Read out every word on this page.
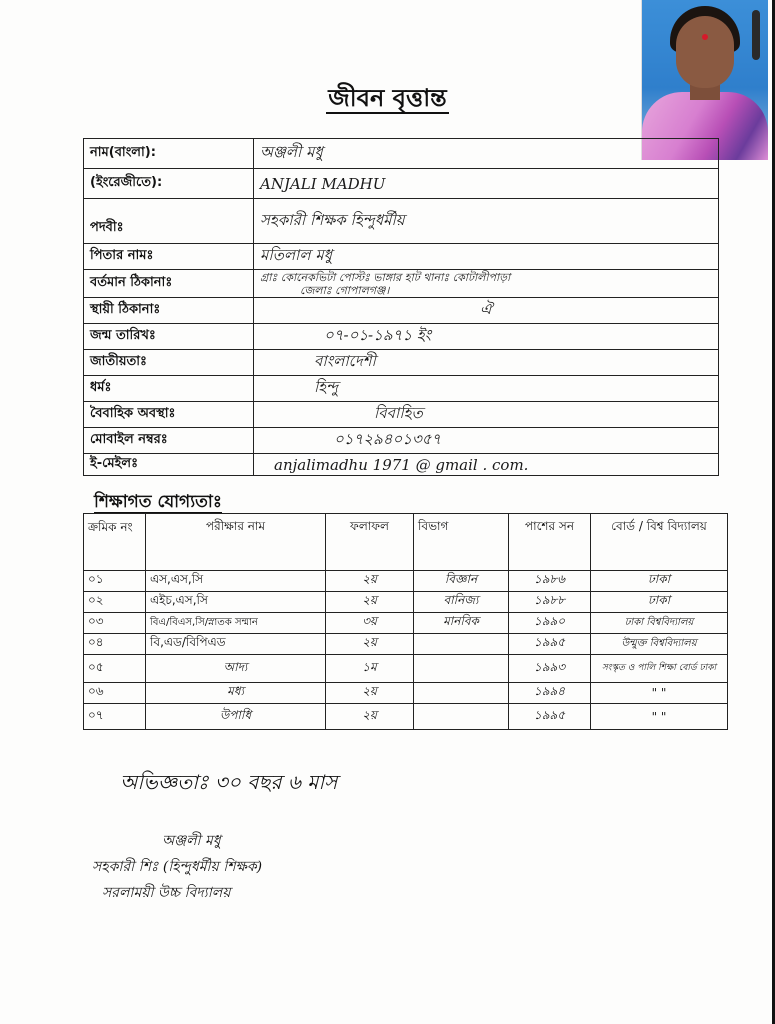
জীবন বৃত্তান্ত
নাম(বাংলা):	অঞ্জলী মধু
(ইংরেজীতে):	ANJALI MADHU
পদবীঃ	সহকারী শিক্ষক হিন্দুধর্মীয়
পিতার নামঃ	মতিলাল মধু
বর্তমান ঠিকানাঃ	গ্রাঃ কোনেকভিটা পোস্টঃ ভাঙ্গার হাট থানাঃ কোটালীপাড়া
জেলাঃ গোপালগঞ্জ।

স্থায়ী ঠিকানাঃ	ঐ
জন্ম তারিখঃ	০৭-০১-১৯৭১ ইং
জাতীয়তাঃ	বাংলাদেশী
ধর্মঃ	হিন্দু
বৈবাহিক অবস্থাঃ	বিবাহিত
মোবাইল নম্বরঃ	০১৭২৯৪০১৩৫৭
ই-মেইলঃ	anjalimadhu 1971 @ gmail . com.
শিক্ষাগত যোগ্যতাঃ
ক্রমিক নং	পরীক্ষার নাম	ফলাফল	বিভাগ	পাশের সন	বোর্ড / বিশ্ব বিদ্যালয়
০১	এস,এস,সি	২য়	বিজ্ঞান	১৯৮৬	ঢাকা
০২	এইচ,এস,সি	২য়	বানিজ্য	১৯৮৮	ঢাকা
০৩	বিএ/বিএস,সি/স্নাতক সম্মান	৩য়	মানবিক	১৯৯০	ঢাকা বিশ্ববিদ্যালয়
০৪	বি,এড/বিপিএড	২য়		১৯৯৫	উন্মুক্ত বিশ্ববিদ্যালয়
০৫	আদ্য	১ম		১৯৯৩	সংস্কৃত ও পালি শিক্ষা বোর্ড ঢাকা
০৬	মধ্য	২য়		১৯৯৪	" "
০৭	উপাধি	২য়		১৯৯৫	" "
অভিজ্ঞতাঃ ৩০ বছর ৬ মাস
অঞ্জলী মধু
সহকারী শিঃ (হিন্দুধর্মীয় শিক্ষক)
সরলাময়ী উচ্চ বিদ্যালয়
